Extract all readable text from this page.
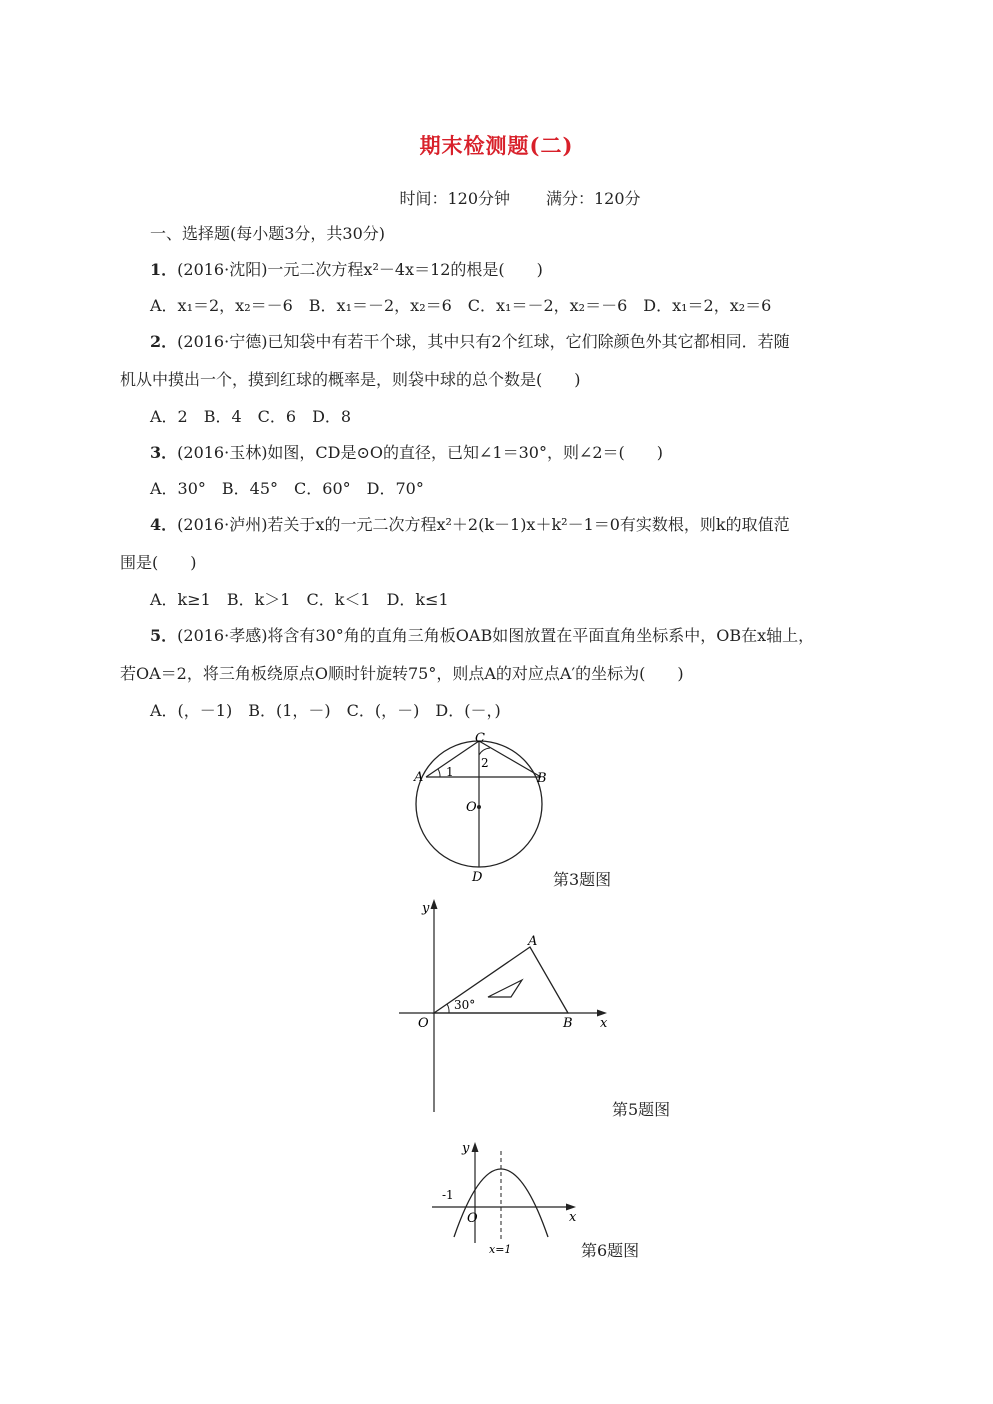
期末检测题(二)
时间：120分钟 满分：120分
一、选择题(每小题3分，共30分)
1．(2016·沈阳)一元二次方程x²－4x＝12的根是(　　)
A．x₁＝2，x₂＝－6　B．x₁＝－2，x₂＝6　C．x₁＝－2，x₂＝－6　D．x₁＝2，x₂＝6
2．(2016·宁德)已知袋中有若干个球，其中只有2个红球，它们除颜色外其它都相同．若随
机从中摸出一个，摸到红球的概率是，则袋中球的总个数是(　　)
A．2　B．4　C．6　D．8
3．(2016·玉林)如图，CD是⊙O的直径，已知∠1＝30°，则∠2＝(　　)
A．30°　B．45°　C．60°　D．70°
4．(2016·泸州)若关于x的一元二次方程x²＋2(k－1)x＋k²－1＝0有实数根，则k的取值范
围是(　　)
A．k≥1　B．k＞1　C．k＜1　D．k≤1
5．(2016·孝感)将含有30°角的直角三角板OAB如图放置在平面直角坐标系中，OB在x轴上，
若OA＝2，将三角板绕原点O顺时针旋转75°，则点A的对应点A′的坐标为(　　)
A．(，－1)　B．(1，－)　C．(，－)　D．(－，)
A	B
C
D
O
1
2
第3题图
y
x
O
A
B
30°
第5题图
y
x
O
-1
x=1	第6题图
